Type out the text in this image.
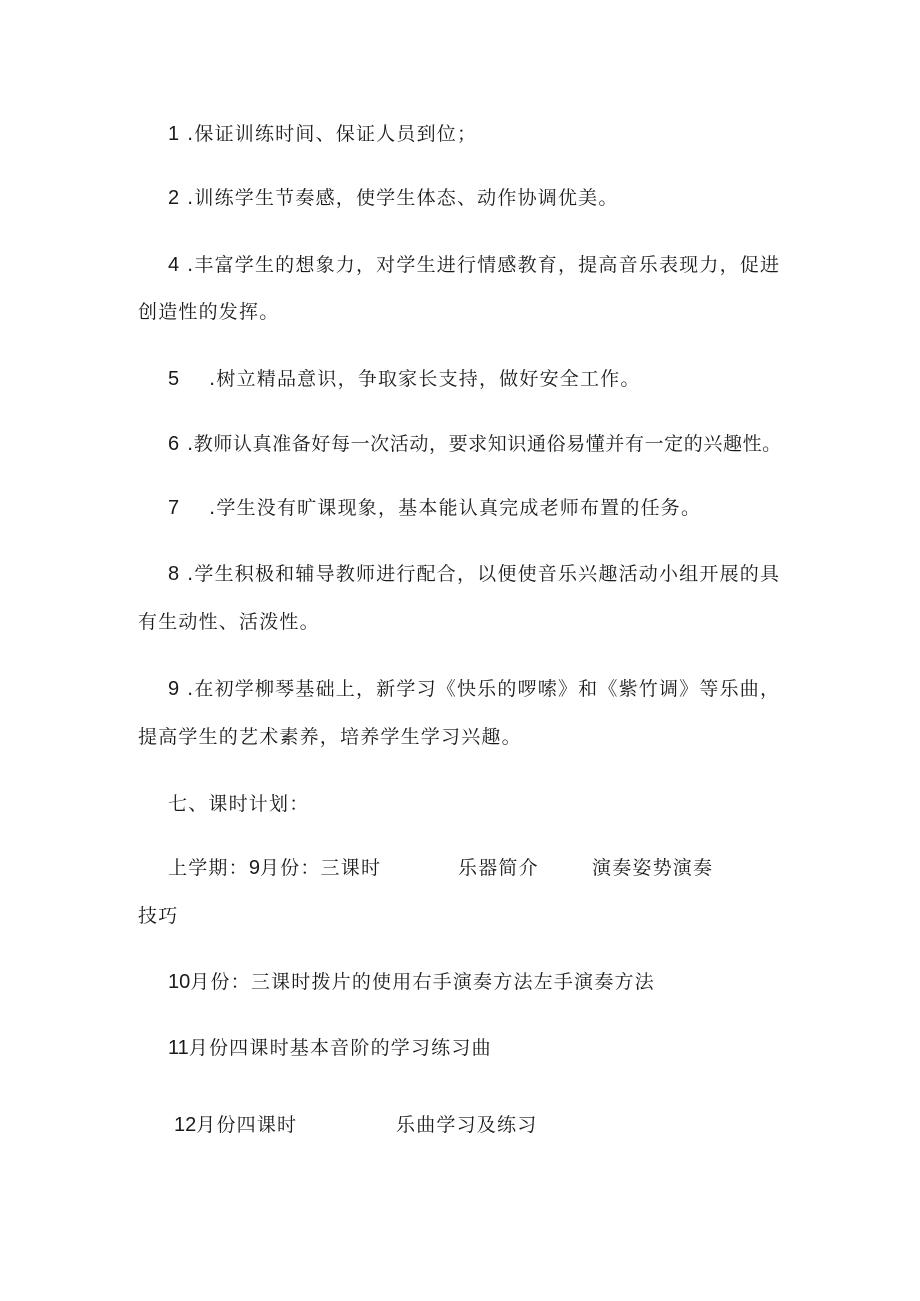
1 .保证训练时间、保证人员到位；
2 .训练学生节奏感，使学生体态、动作协调优美。
4 .丰富学生的想象力，对学生进行情感教育，提高音乐表现力，促进
创造性的发挥。
5 .树立精品意识，争取家长支持，做好安全工作。
6 .教师认真准备好每一次活动，要求知识通俗易懂并有一定的兴趣性。
7 .学生没有旷课现象，基本能认真完成老师布置的任务。
8 .学生积极和辅导教师进行配合，以便使音乐兴趣活动小组开展的具
有生动性、活泼性。
9 .在初学柳琴基础上，新学习《快乐的啰嗦》和《紫竹调》等乐曲，
提高学生的艺术素养，培养学生学习兴趣。
七、课时计划：
上学期：9月份：三课时	乐器简介	演奏姿势演奏
技巧
10月份：三课时拨片的使用右手演奏方法左手演奏方法
11月份四课时基本音阶的学习练习曲
12月份四课时	乐曲学习及练习
